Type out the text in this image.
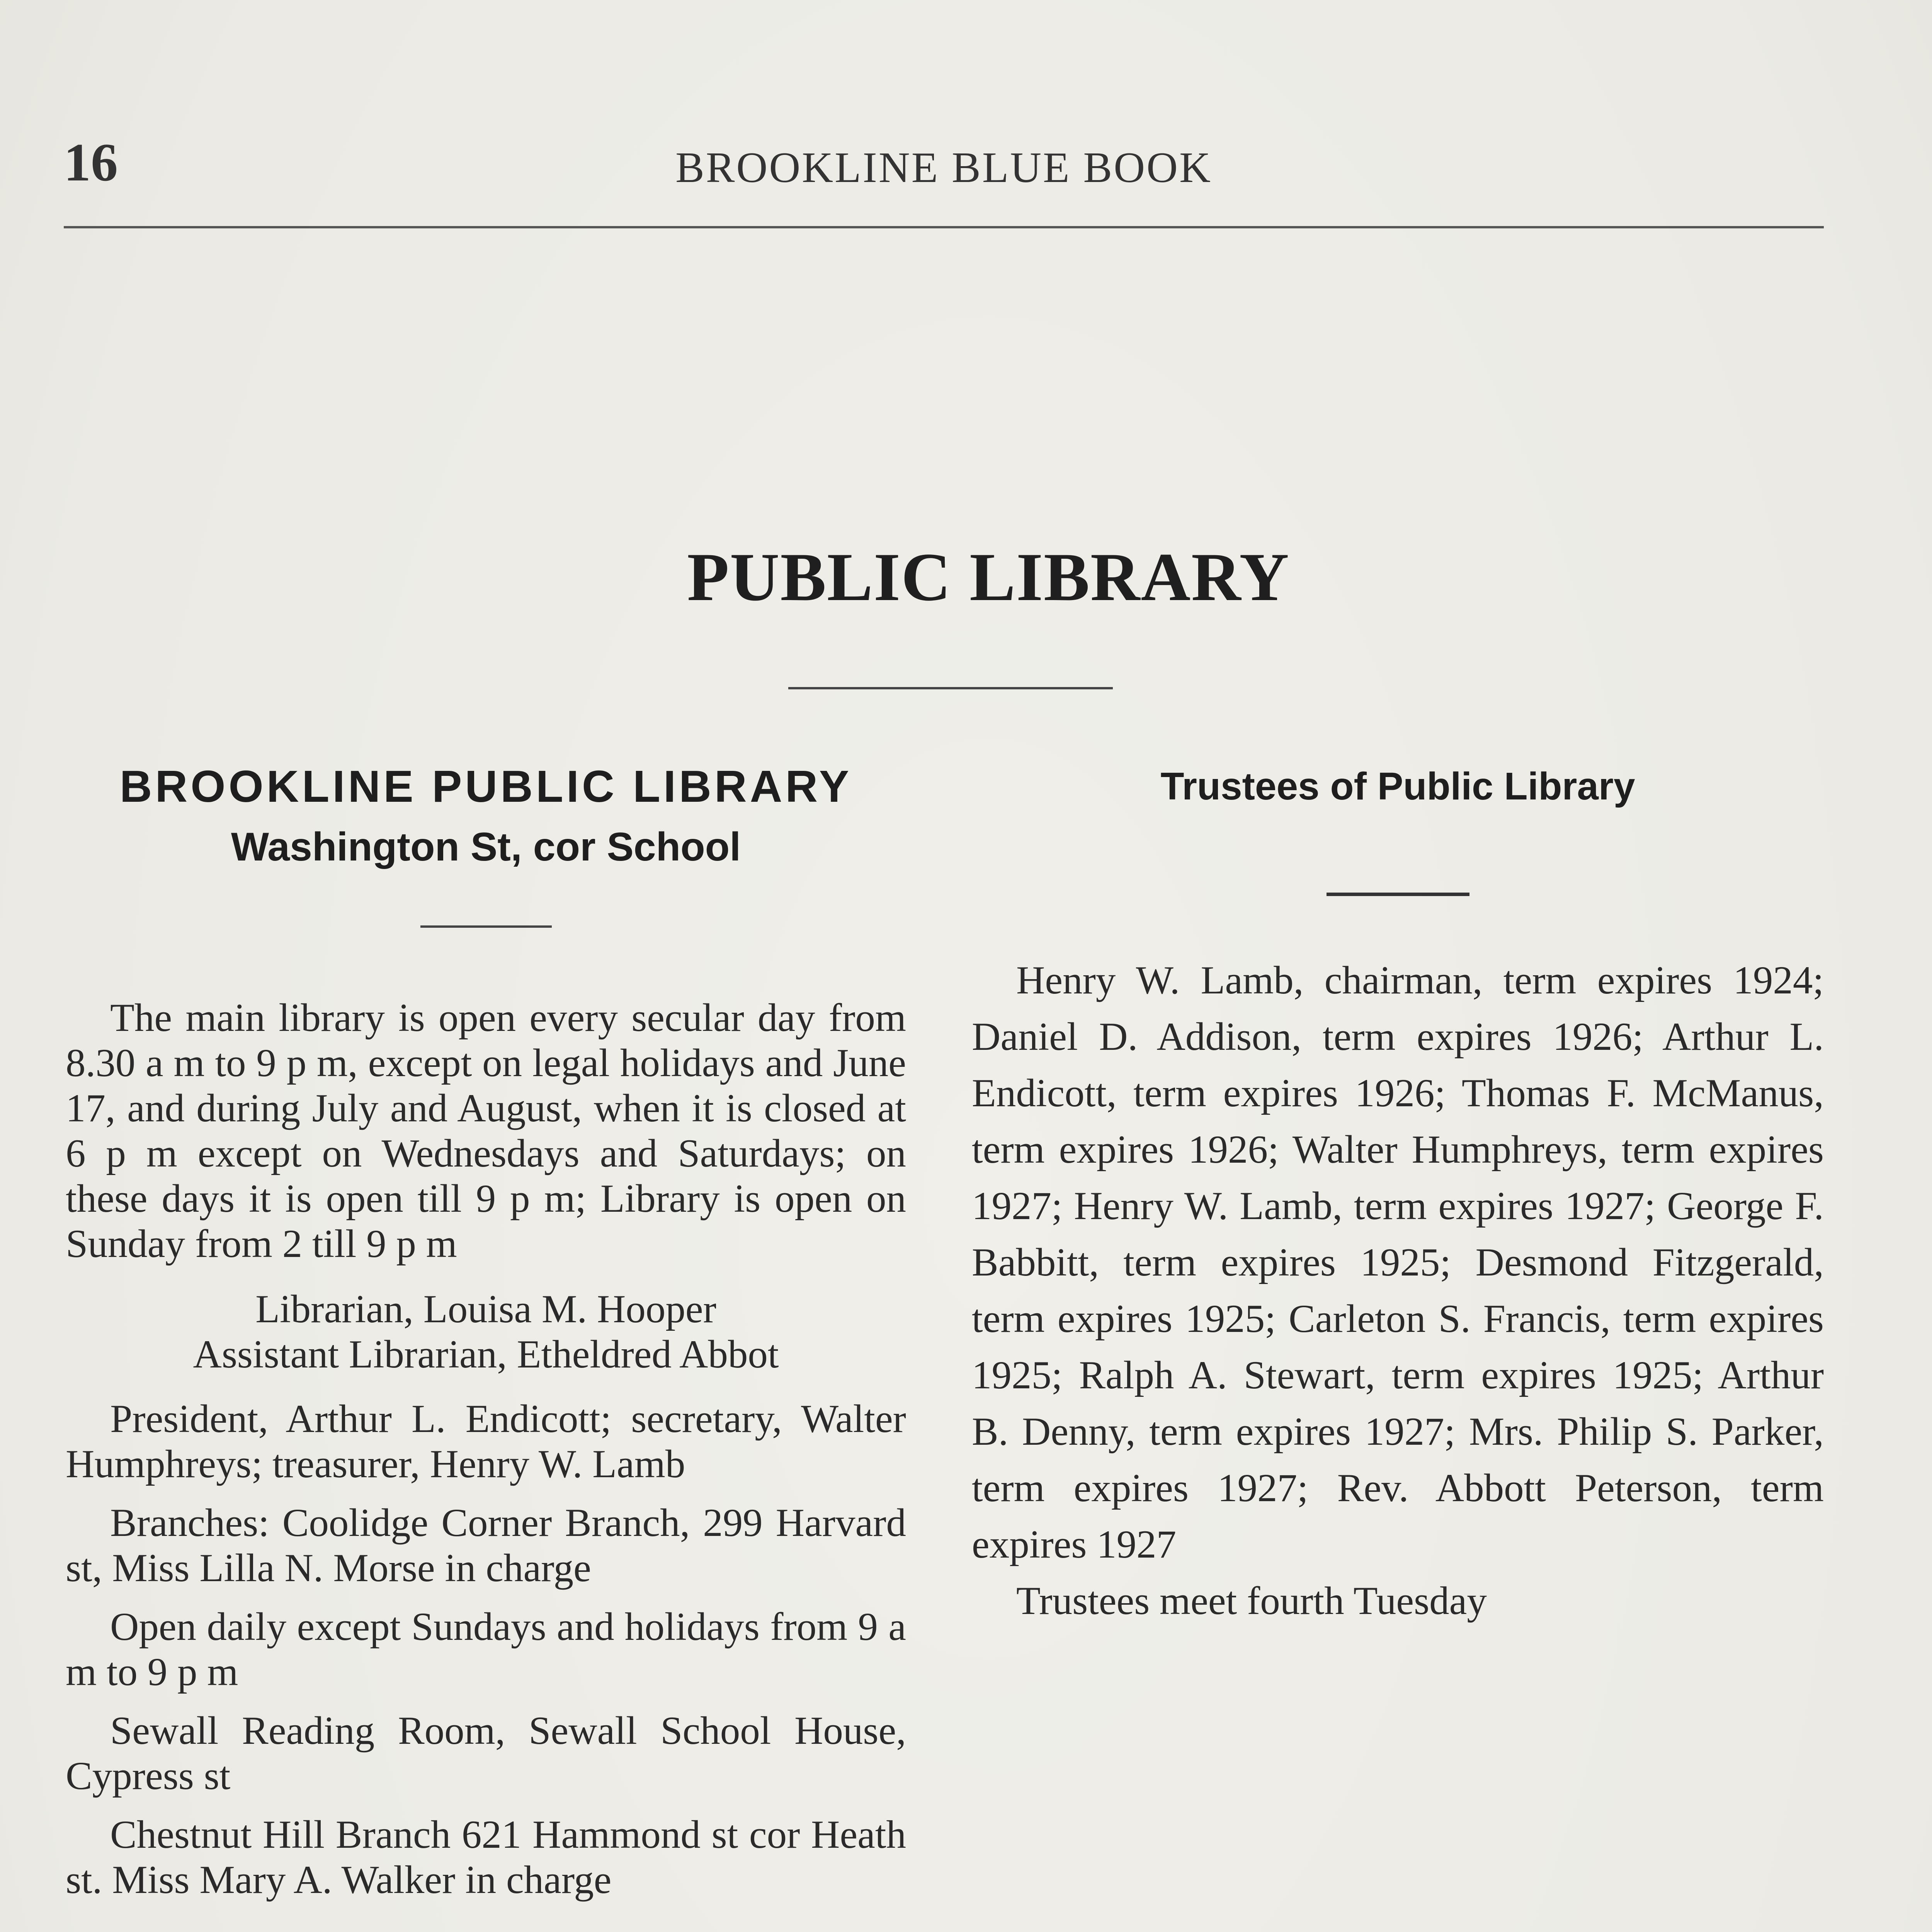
16	BROOKLINE BLUE BOOK
PUBLIC LIBRARY
BROOKLINE PUBLIC LIBRARY
Washington St, cor School

The main library is open every secular day from 8.30 a m to 9 p m, except on legal holidays and June 17, and during July and August, when it is closed at 6 p m except on Wednesdays and Saturdays; on these days it is open till 9 p m; Library is open on Sunday from 2 till 9 p m

Librarian, Louisa M. Hooper

Assistant Librarian, Etheldred Abbot

President, Arthur L. Endicott; secretary, Walter Humphreys; treasurer, Henry W. Lamb

Branches: Coolidge Corner Branch, 299 Harvard st, Miss Lilla N. Morse in charge

Open daily except Sundays and holidays from 9 a m to 9 p m

Sewall Reading Room, Sewall School House, Cypress st

Chestnut Hill Branch 621 Hammond st cor Heath st. Miss Mary A. Walker in charge

Trustees of Public Library

Henry W. Lamb, chairman, term expires 1924; Daniel D. Addison, term expires 1926; Arthur L. Endicott, term expires 1926; Thomas F. McManus, term expires 1926; Walter Humphreys, term expires 1927; Henry W. Lamb, term expires 1927; George F. Babbitt, term expires 1925; Desmond Fitzgerald, term expires 1925; Carleton S. Francis, term expires 1925; Ralph A. Stewart, term expires 1925; Arthur B. Denny, term expires 1927; Mrs. Philip S. Parker, term expires 1927; Rev. Abbott Peterson, term expires 1927

Trustees meet fourth Tuesday
